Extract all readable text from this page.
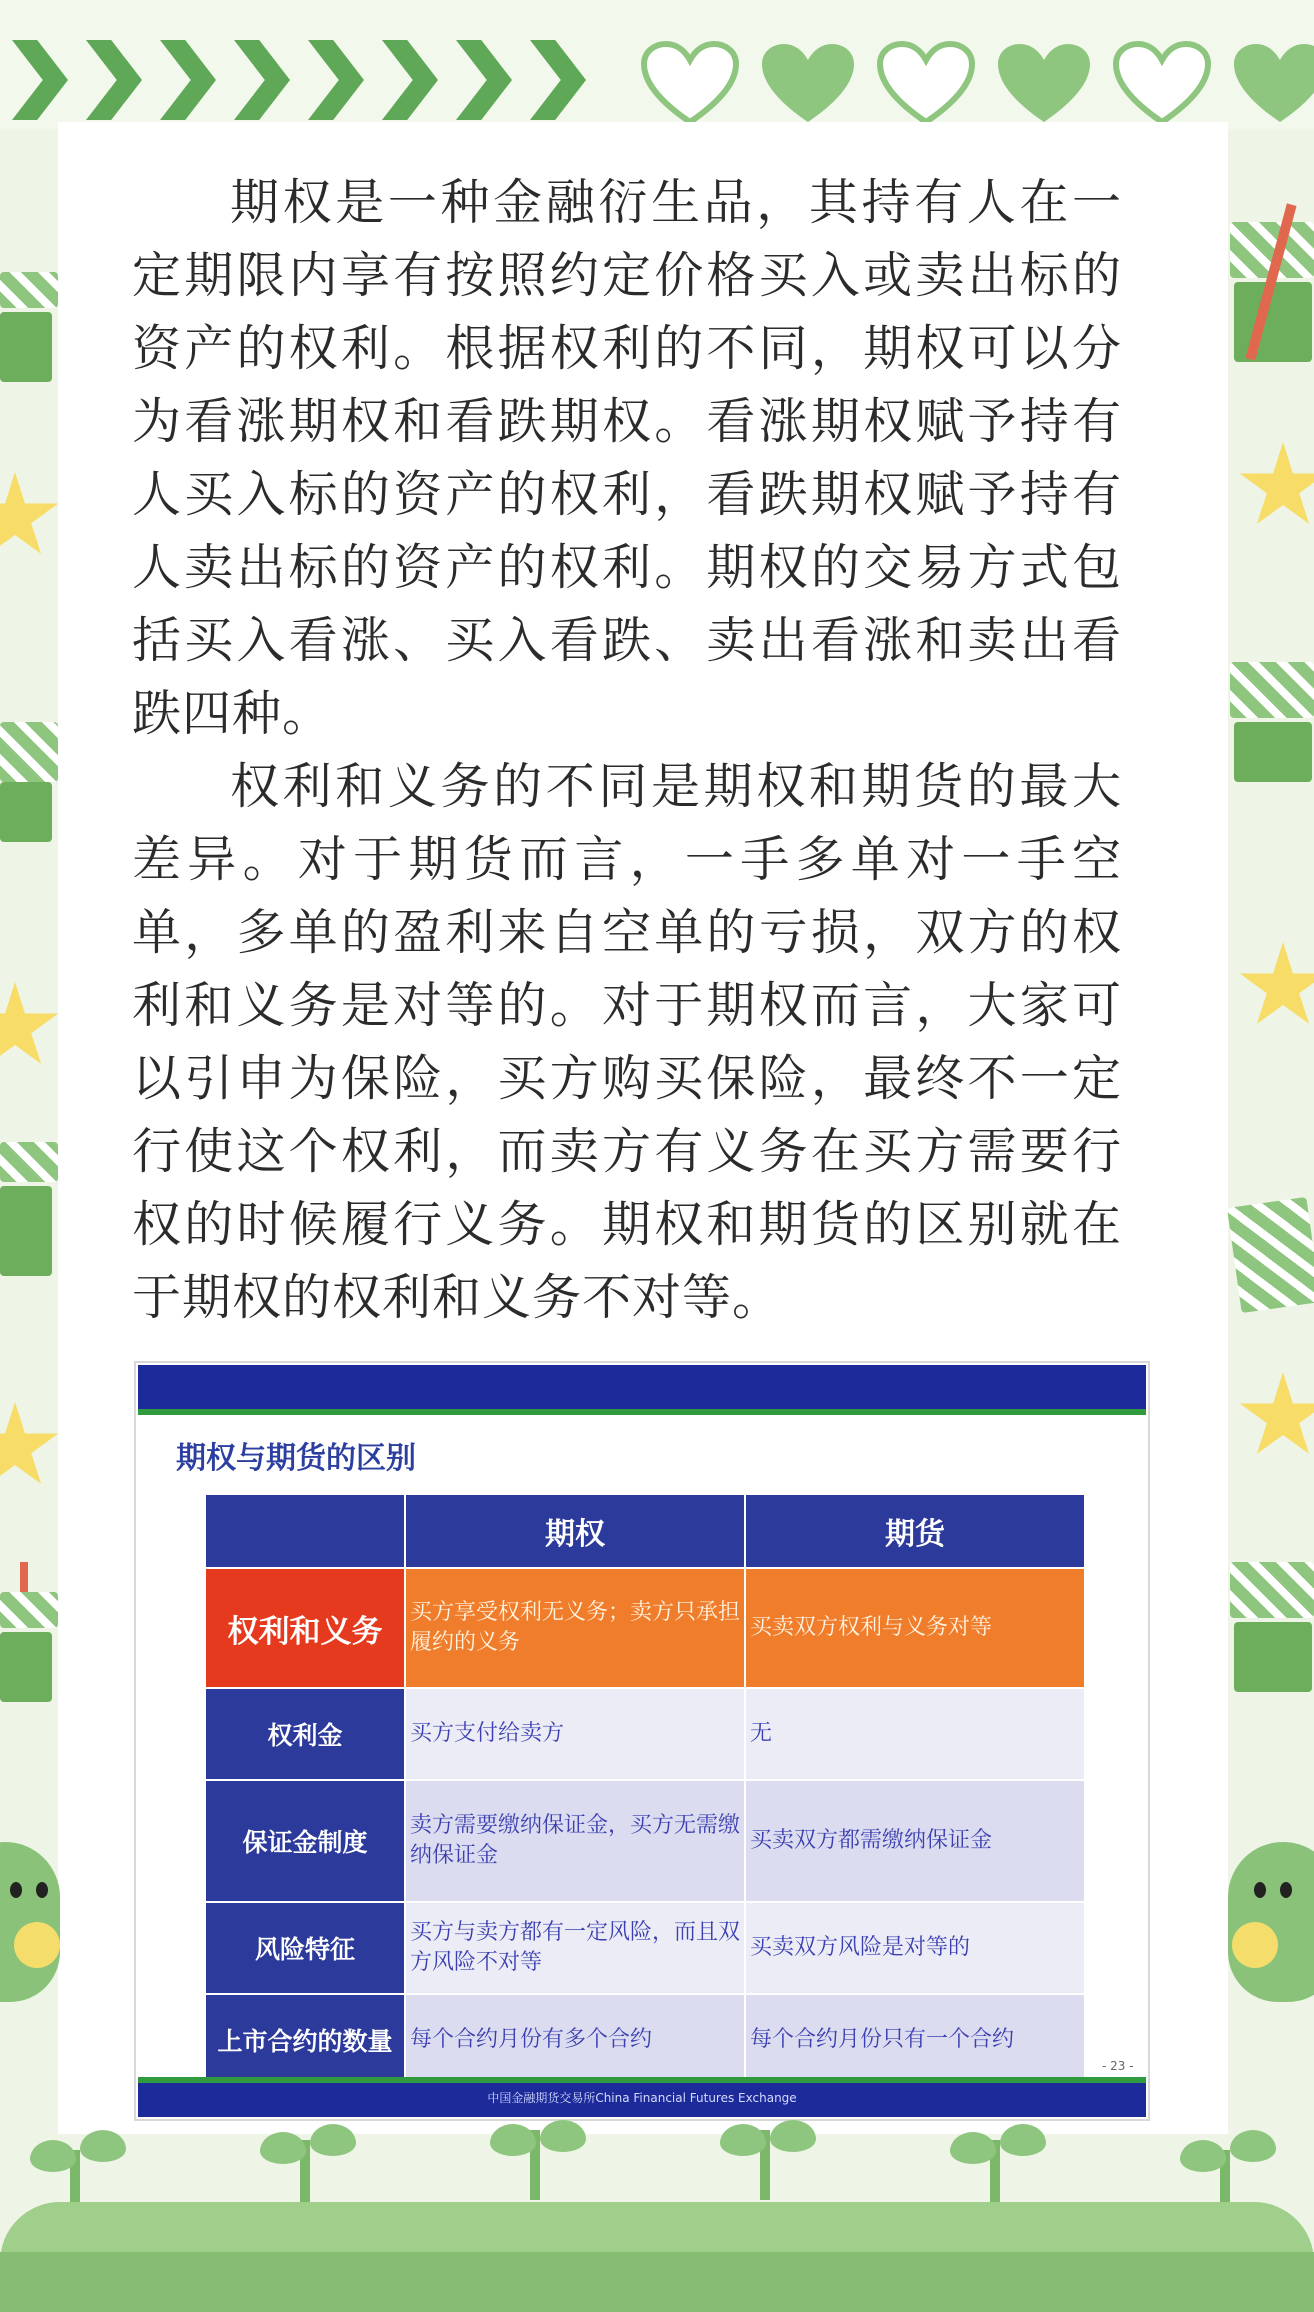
期权是一种金融衍生品，其持有人在一定期限内享有按照约定价格买入或卖出标的资产的权利。根据权利的不同，期权可以分为看涨期权和看跌期权。看涨期权赋予持有人买入标的资产的权利，看跌期权赋予持有人卖出标的资产的权利。期权的交易方式包括买入看涨、买入看跌、卖出看涨和卖出看跌四种。

权利和义务的不同是期权和期货的最大差异。对于期货而言，一手多单对一手空单，多单的盈利来自空单的亏损，双方的权利和义务是对等的。对于期权而言，大家可以引申为保险，买方购买保险，最终不一定行使这个权利，而卖方有义务在买方需要行权的时候履行义务。期权和期货的区别就在于期权的权利和义务不对等。

期权与期货的区别
	期权	期货
权利和义务	买方享受权利无义务；卖方只承担履约的义务	买卖双方权利与义务对等
权利金	买方支付给卖方	无
保证金制度	卖方需要缴纳保证金，买方无需缴纳保证金	买卖双方都需缴纳保证金
风险特征	买方与卖方都有一定风险，而且双方风险不对等	买卖双方风险是对等的
上市合约的数量	每个合约月份有多个合约	每个合约月份只有一个合约
- 23 -
中国金融期货交易所China Financial Futures Exchange
